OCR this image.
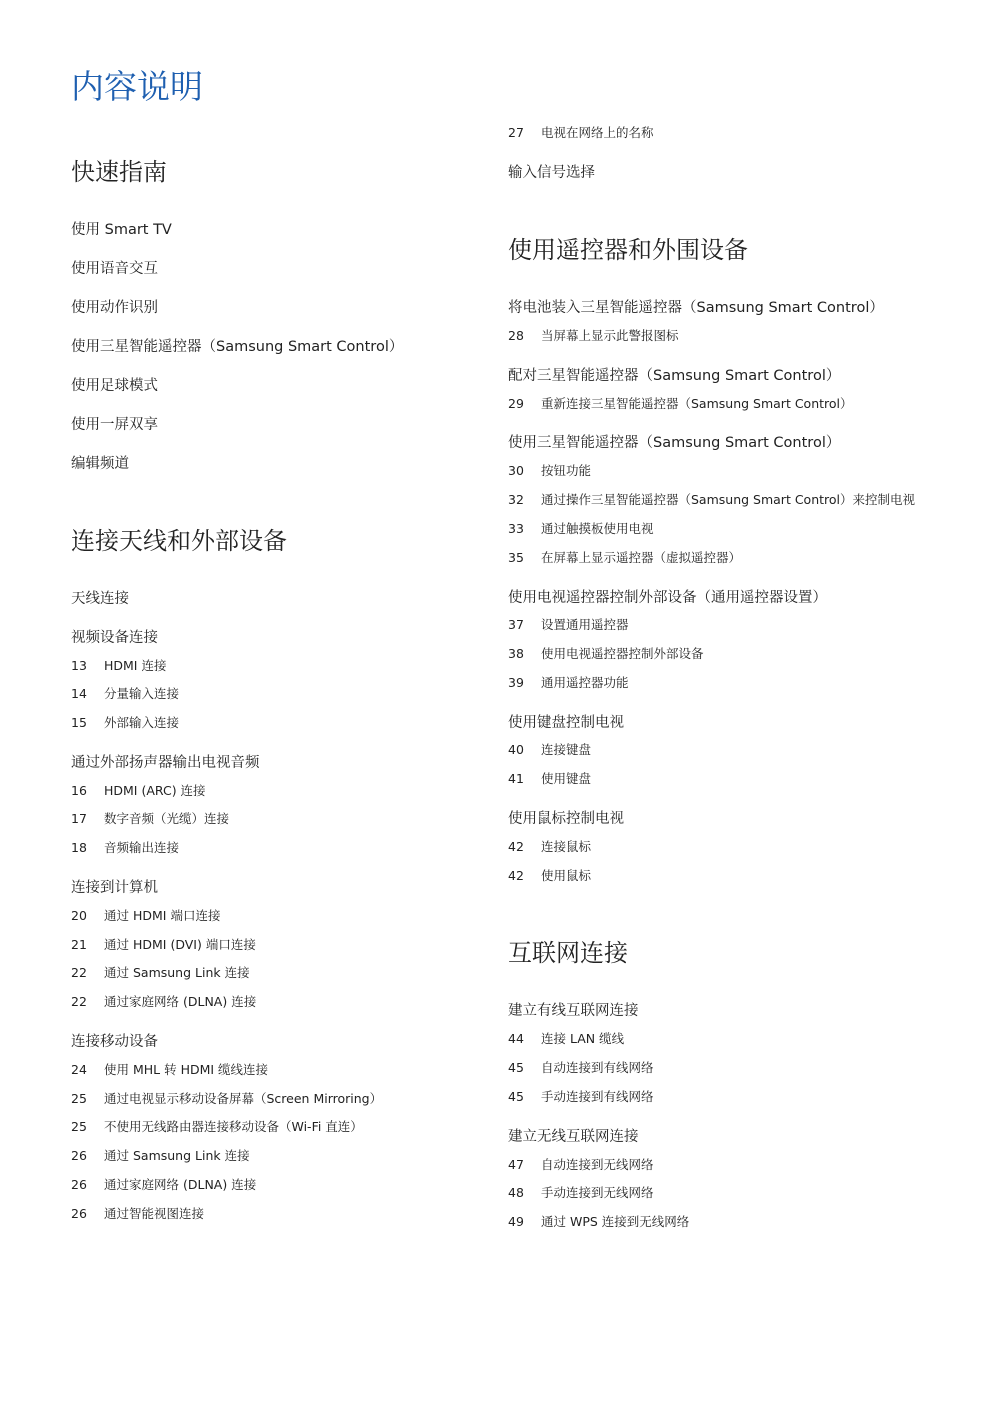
内容说明
快速指南
使用 Smart TV
使用语音交互
使用动作识别
使用三星智能遥控器（Samsung Smart Control）
使用足球模式
使用一屏双享
编辑频道
连接天线和外部设备
天线连接
视频设备连接
13 HDMI 连接
14 分量输入连接
15 外部输入连接
通过外部扬声器输出电视音频
16 HDMI (ARC) 连接
17 数字音频（光缆）连接
18 音频输出连接
连接到计算机
20 通过 HDMI 端口连接
21 通过 HDMI (DVI) 端口连接
22 通过 Samsung Link 连接
22 通过家庭网络 (DLNA) 连接
连接移动设备
24 使用 MHL 转 HDMI 缆线连接
25 通过电视显示移动设备屏幕（Screen Mirroring）
25 不使用无线路由器连接移动设备（Wi-Fi 直连）
26 通过 Samsung Link 连接
26 通过家庭网络 (DLNA) 连接
26 通过智能视图连接
27 电视在网络上的名称
输入信号选择
使用遥控器和外围设备
将电池装入三星智能遥控器（Samsung Smart Control）
28 当屏幕上显示此警报图标
配对三星智能遥控器（Samsung Smart Control）
29 重新连接三星智能遥控器（Samsung Smart Control）
使用三星智能遥控器（Samsung Smart Control）
30 按钮功能
32 通过操作三星智能遥控器（Samsung Smart Control）来控制电视
33 通过触摸板使用电视
35 在屏幕上显示遥控器（虚拟遥控器）
使用电视遥控器控制外部设备（通用遥控器设置）
37 设置通用遥控器
38 使用电视遥控器控制外部设备
39 通用遥控器功能
使用键盘控制电视
40 连接键盘
41 使用键盘
使用鼠标控制电视
42 连接鼠标
42 使用鼠标
互联网连接
建立有线互联网连接
44 连接 LAN 缆线
45 自动连接到有线网络
45 手动连接到有线网络
建立无线互联网连接
47 自动连接到无线网络
48 手动连接到无线网络
49 通过 WPS 连接到无线网络
